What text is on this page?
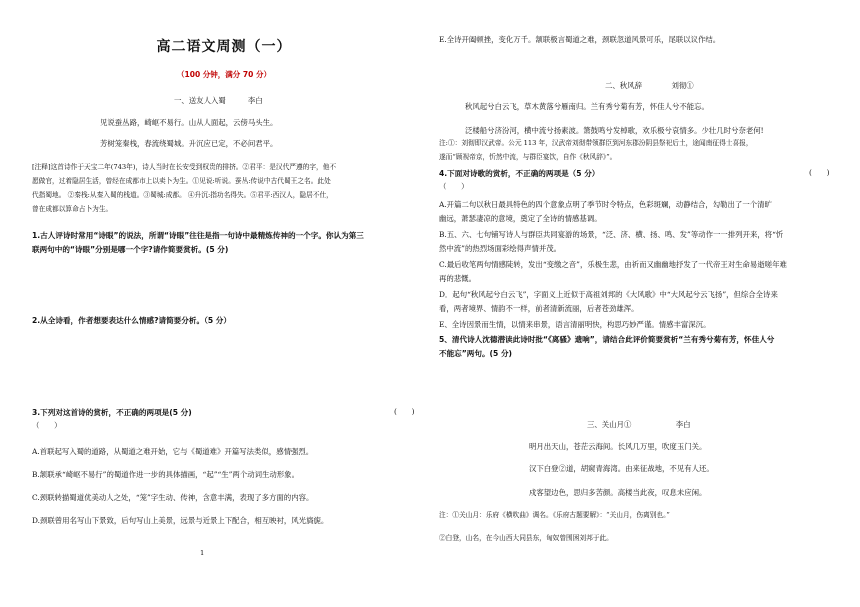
高二语文周测（一）
（100 分钟，满分 70 分）
一、送友人入蜀　　　李白
见说蚕丛路，崎岖不易行。山从人面起，云傍马头生。
芳树笼秦栈，春流绕蜀城。升沉应已定，不必问君平。
[注释]这首诗作于天宝二年(743年)，诗人当时在长安受到权贵的排挤。②君平：是汉代严遵的字，他不
愿做官，过着隐居生活，曾经在成都市上以卖卜为生。①见说:听说。蚕丛:传说中古代蜀王之名。此处
代指蜀地。 ②秦栈:从秦入蜀的栈道。③蜀城:成都。 ④升沉:指功名得失。⑤君平:西汉人，隐居不仕，
曾在成都以算命占卜为生。
1.古人评诗时常用“诗眼”的说法，所谓“诗眼”往往是指一句诗中最精炼传神的一个字。你认为第三
联两句中的“诗眼”分别是哪一个字?请作简要赏析。(5 分)
2.从全诗看，作者想要表达什么情感?请简要分析。（5 分）
3.下列对这首诗的赏析，不正确的两项是(5 分)	(　　)
（　　）
A.首联起写入蜀的道路，从蜀道之难开始，它与《蜀道难》开篇写法类似，感情强烈。
B.颔联承“崎岖不易行”的蜀道作进一步的具体描画，“起”“生”两个动词生动形象。
C.颈联转描蜀道优美动人之处，“笼”字生动、传神，含意丰满，表现了多方面的内容。
D.颈联曾用名写山下景致，后句写山上美景，远景与近景上下配合，相互映衬，风光旖旎。
1
E.全诗开阖顿挫，变化万千。颔联极言蜀道之难，颈联忽道风景可乐，尾联以议作结。
二、秋风辞　　　　刘彻①
秋风起兮白云飞，草木黄落兮雁南归。兰有秀兮菊有芳，怀佳人兮不能忘。
泛楼船兮济汾河，横中流兮扬素波。箫鼓鸣兮发棹歌，欢乐极兮哀情多。少壮几时兮奈老何!
注:①：刘彻即汉武帝。公元 113 年，汉武帝刘彻带领群臣到河东郡汾阴县祭祀后土，途闻南征得士喜报，
遂而“顾视帝京，忻然中流，与群臣宴饮，自作《秋风辞》”。
4.下面对诗歌的赏析，不正确的两项是（5 分）	(　　)
（　　）
A.开篇二句以秋日最具特色的四个意象点明了季节时令特点，色彩斑斓，动静结合，勾勒出了一个清旷
幽远，萧瑟凄凉的意境，奠定了全诗的情感基调。
B.五、六、七句铺写诗人与群臣共同宴游的场景，“泛、济、横、扬、鸣、发”等动作一一排列开来，将“忻
然中流”的热烈场面彩绘得声情并茂。
C.最后收笔两句情感陡转，发出“变缴之音”，乐极生悲，由祈而又幽幽地抒发了一代帝王对生命易逝嗟年难
再的悲慨。
D．起句“秋风起兮白云飞”，字面义上近似于高祖刘邦的《大风歌》中“大风起兮云飞扬”，但综合全诗来
看，两者境界、情韵不一样，前者清新流丽，后者苍劲雄浑。
E、全诗因景而生情，以情来串景，语言清丽明快，构思巧妙严谨。情感丰富深沉。
5、清代诗人沈德潜读此诗时批“《离骚》遗响”，请结合此评价简要赏析“兰有秀兮菊有芳，怀佳人兮
不能忘”两句。(5 分)
三、关山月①　　　　　　李白
明月出天山，苍茫云海间。长风几万里，吹度玉门关。
汉下白登②道，胡窥青海湾。由来征战地，不见有人还。
戍客望边色，思归多苦颜。高楼当此夜，叹息未应闲。
注：①关山月：乐府《横吹曲》调名。《乐府古题要解》：“关山月，伤离别也。”
②白登，山名，在今山西大同县东，匈奴曾围困刘邦于此。
